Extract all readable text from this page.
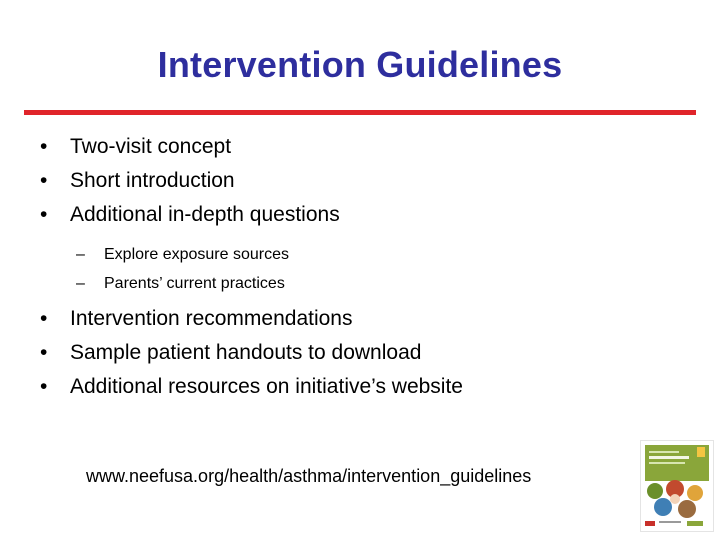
Intervention Guidelines
• Two-visit concept
• Short introduction
• Additional in-depth questions
– Explore exposure sources
– Parents’ current practices
• Intervention recommendations
• Sample patient handouts to download
• Additional resources on initiative’s website
www.neefusa.org/health/asthma/intervention_guidelines
